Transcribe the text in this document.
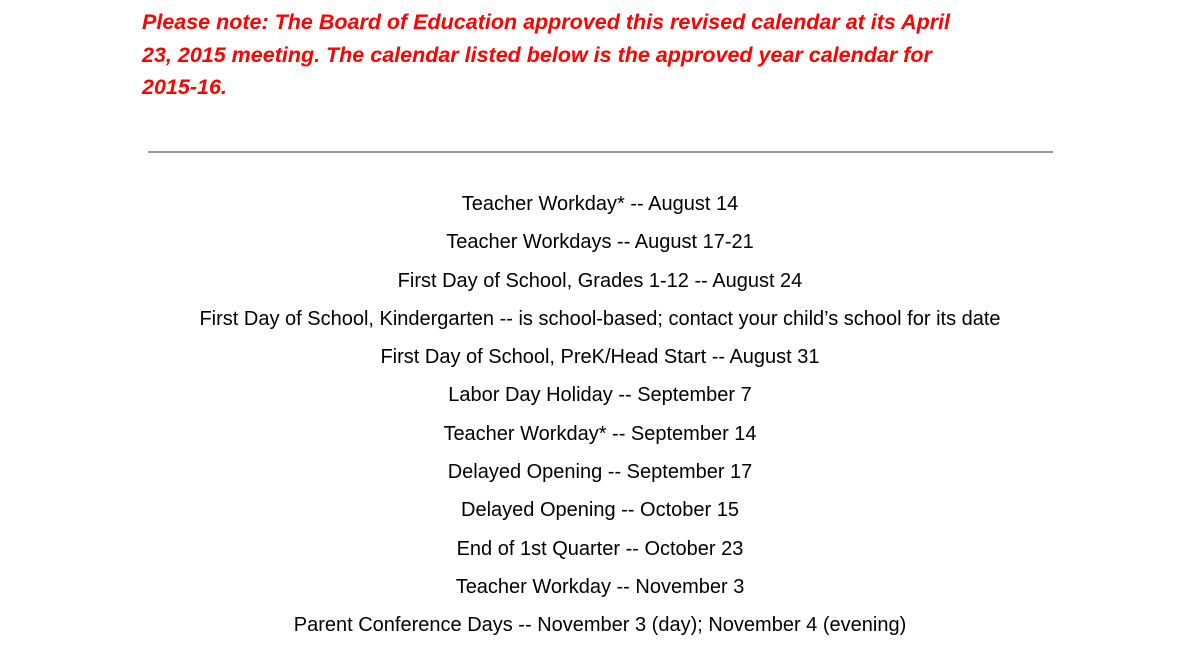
Please note: The Board of Education approved this revised calendar at its April
23, 2015 meeting. The calendar listed below is the approved year calendar for
2015-16.

Teacher Workday* -- August 14
Teacher Workdays -- August 17-21
First Day of School, Grades 1-12 -- August 24
First Day of School, Kindergarten -- is school-based; contact your child’s school for its date
First Day of School, PreK/Head Start -- August 31
Labor Day Holiday -- September 7
Teacher Workday* -- September 14
Delayed Opening -- September 17
Delayed Opening -- October 15
End of 1st Quarter -- October 23
Teacher Workday -- November 3
Parent Conference Days -- November 3 (day); November 4 (evening)
